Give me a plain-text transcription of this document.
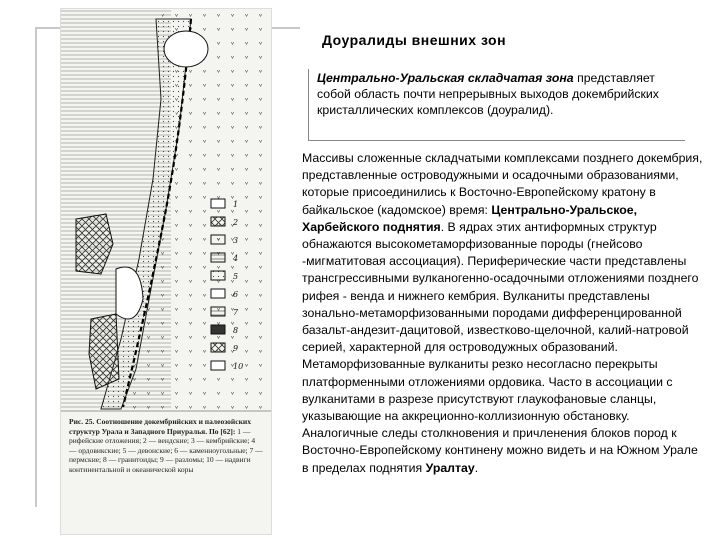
1
2
3
4
5
6
7
8
9
10
Рис. 25. Соотношение докембрийских и палеозойских структур Урала и Западного Приуралья. По [62]: 1 — рифейские отложения; 2 — вендские; 3 — кембрийские; 4 — ордовикские; 5 — девонские; 6 — каменноугольные; 7 — пермские; 8 — гранитоиды; 9 — разломы; 10 — надвиги континентальной и океанической коры
Доуралиды внешних зон
Центрально-Уральская складчатая зона представляет собой область почти непрерывных выходов докембрийских кристаллических комплексов (доуралид).
Массивы сложенные складчатыми комплексами позднего докембрия, представленные островодужными и осадочными образованиями, которые присоединились к Восточно-Европейскому кратону в байкальское (кадомское) время: Центрально-Уральское, Харбейского поднятия. В ядрах этих антиформных структур обнажаются высокометаморфизованные породы (гнейсово -мигматитовая ассоциация). Периферические части представлены трансгрессивными вулканогенно-осадочными отложениями позднего рифея - венда и нижнего кембрия. Вулканиты представлены зонально-метаморфизованными породами дифференцированной базальт-андезит-дацитовой, известково-щелочной, калий-натровой серией, характерной для островодужных образований. Метаморфизованные вулканиты резко несогласно перекрыты платформенными отложениями ордовика. Часто в ассоциации с вулканитами в разрезе присутствуют глаукофановые сланцы, указывающие на аккреционно-коллизионную обстановку. Аналогичные следы столкновения и причленения блоков пород к Восточно-Европейскому континену можно видеть и на Южном Урале в пределах поднятия Урaлтау.
